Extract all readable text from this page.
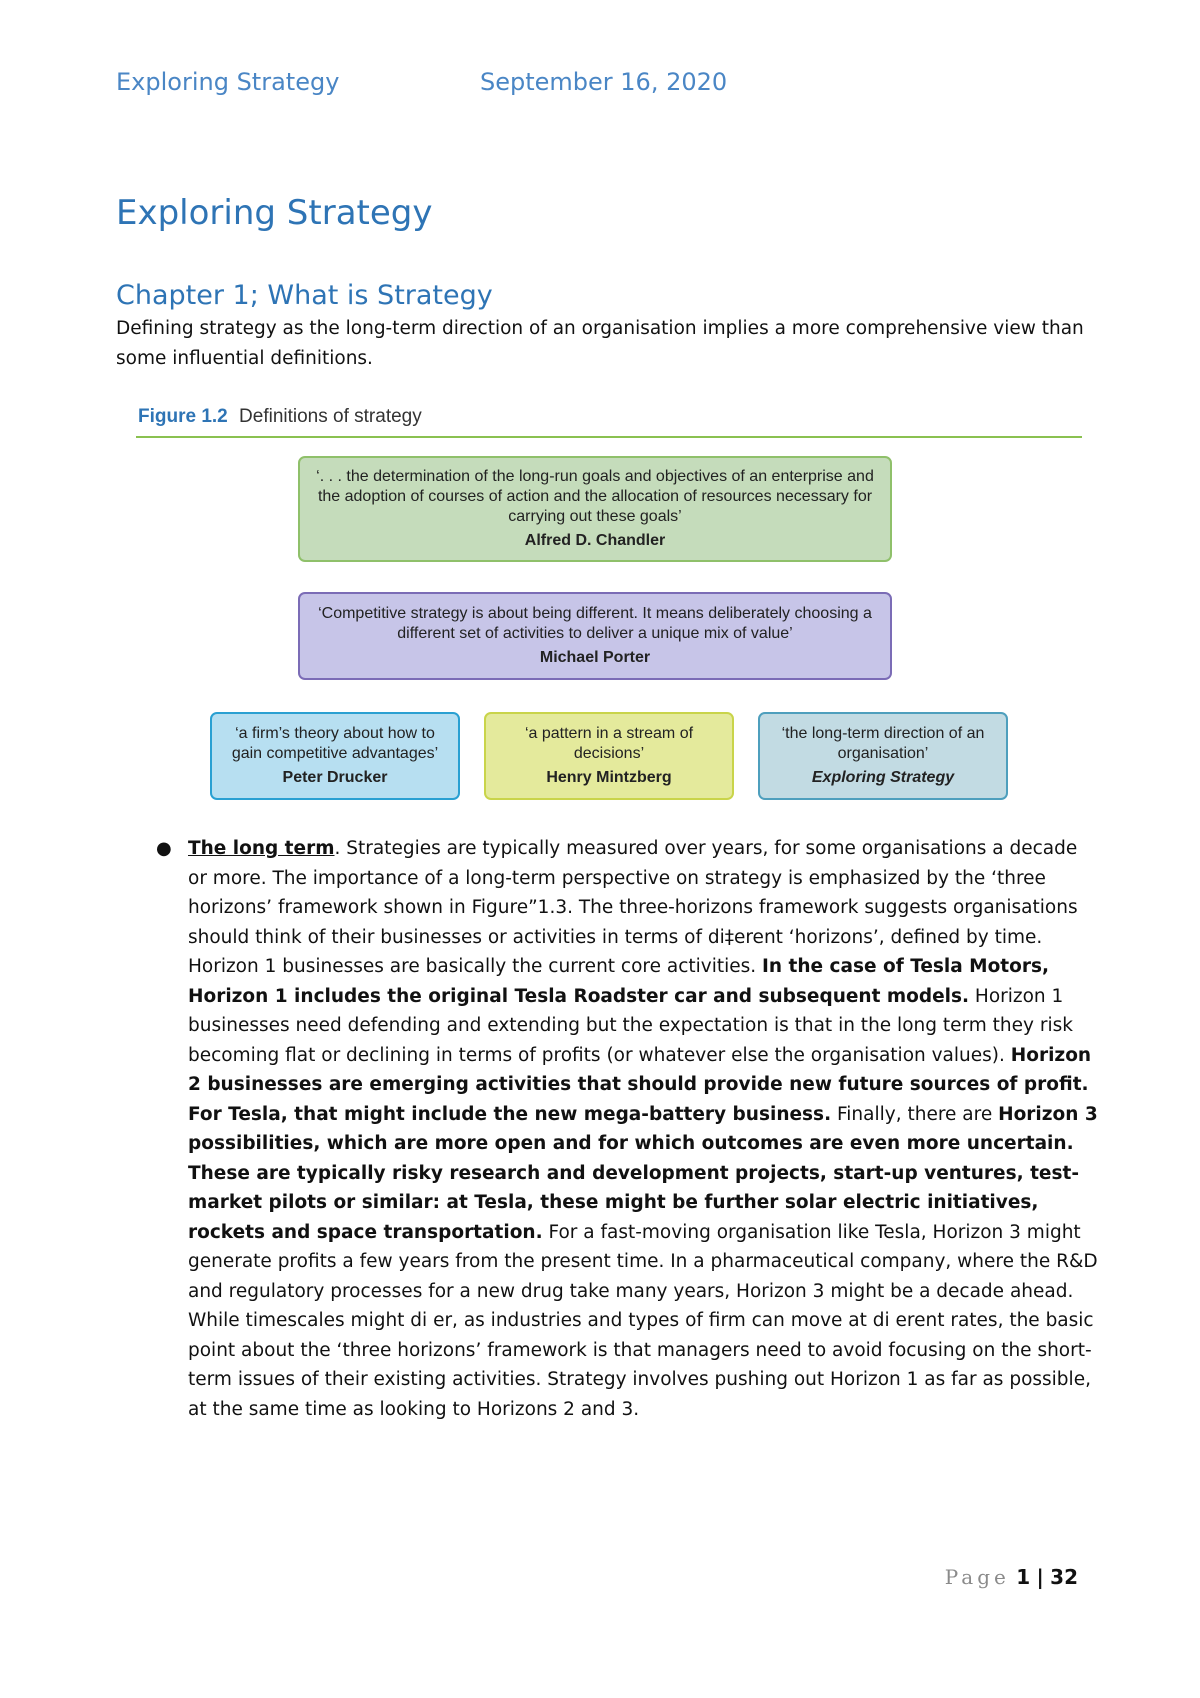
Exploring Strategy	September 16, 2020
Exploring Strategy
Chapter 1; What is Strategy

Defining strategy as the long-term direction of an organisation implies a more comprehensive view than some influential definitions.

Figure 1.2 Definitions of strategy
‘. . . the determination of the long-run goals and objectives of an enterprise and the adoption of courses of action and the allocation of resources necessary for carrying out these goals’
Alfred D. Chandler
‘Competitive strategy is about being different. It means deliberately choosing a different set of activities to deliver a unique mix of value’
Michael Porter
‘a firm’s theory about how to gain competitive advantages’
Peter Drucker
‘a pattern in a stream of decisions’
Henry Mintzberg
‘the long-term direction of an organisation’
Exploring Strategy
● The long term. Strategies are typically measured over years, for some organisations a decade or more. The importance of a long-term perspective on strategy is emphasized by the ‘three horizons’ framework shown in Figure”1.3. The three-horizons framework suggests organisations should think of their businesses or activities in terms of di‡erent ‘horizons’, defined by time. Horizon 1 businesses are basically the current core activities. In the case of Tesla Motors, Horizon 1 includes the original Tesla Roadster car and subsequent models. Horizon 1 businesses need defending and extending but the expectation is that in the long term they risk becoming flat or declining in terms of profits (or whatever else the organisation values). Horizon 2 businesses are emerging activities that should provide new future sources of profit. For Tesla, that might include the new mega-battery business. Finally, there are Horizon 3 possibilities, which are more open and for which outcomes are even more uncertain. These are typically risky research and development projects, start-up ventures, test-market pilots or similar: at Tesla, these might be further solar electric initiatives, rockets and space transportation. For a fast-moving organisation like Tesla, Horizon 3 might generate profits a few years from the present time. In a pharmaceutical company, where the R&D and regulatory processes for a new drug take many years, Horizon 3 might be a decade ahead. While timescales might di er, as industries and types of firm can move at di erent rates, the basic point about the ‘three horizons’ framework is that managers need to avoid focusing on the short-term issues of their existing activities. Strategy involves pushing out Horizon 1 as far as possible, at the same time as looking to Horizons 2 and 3.
Page 1 | 32
